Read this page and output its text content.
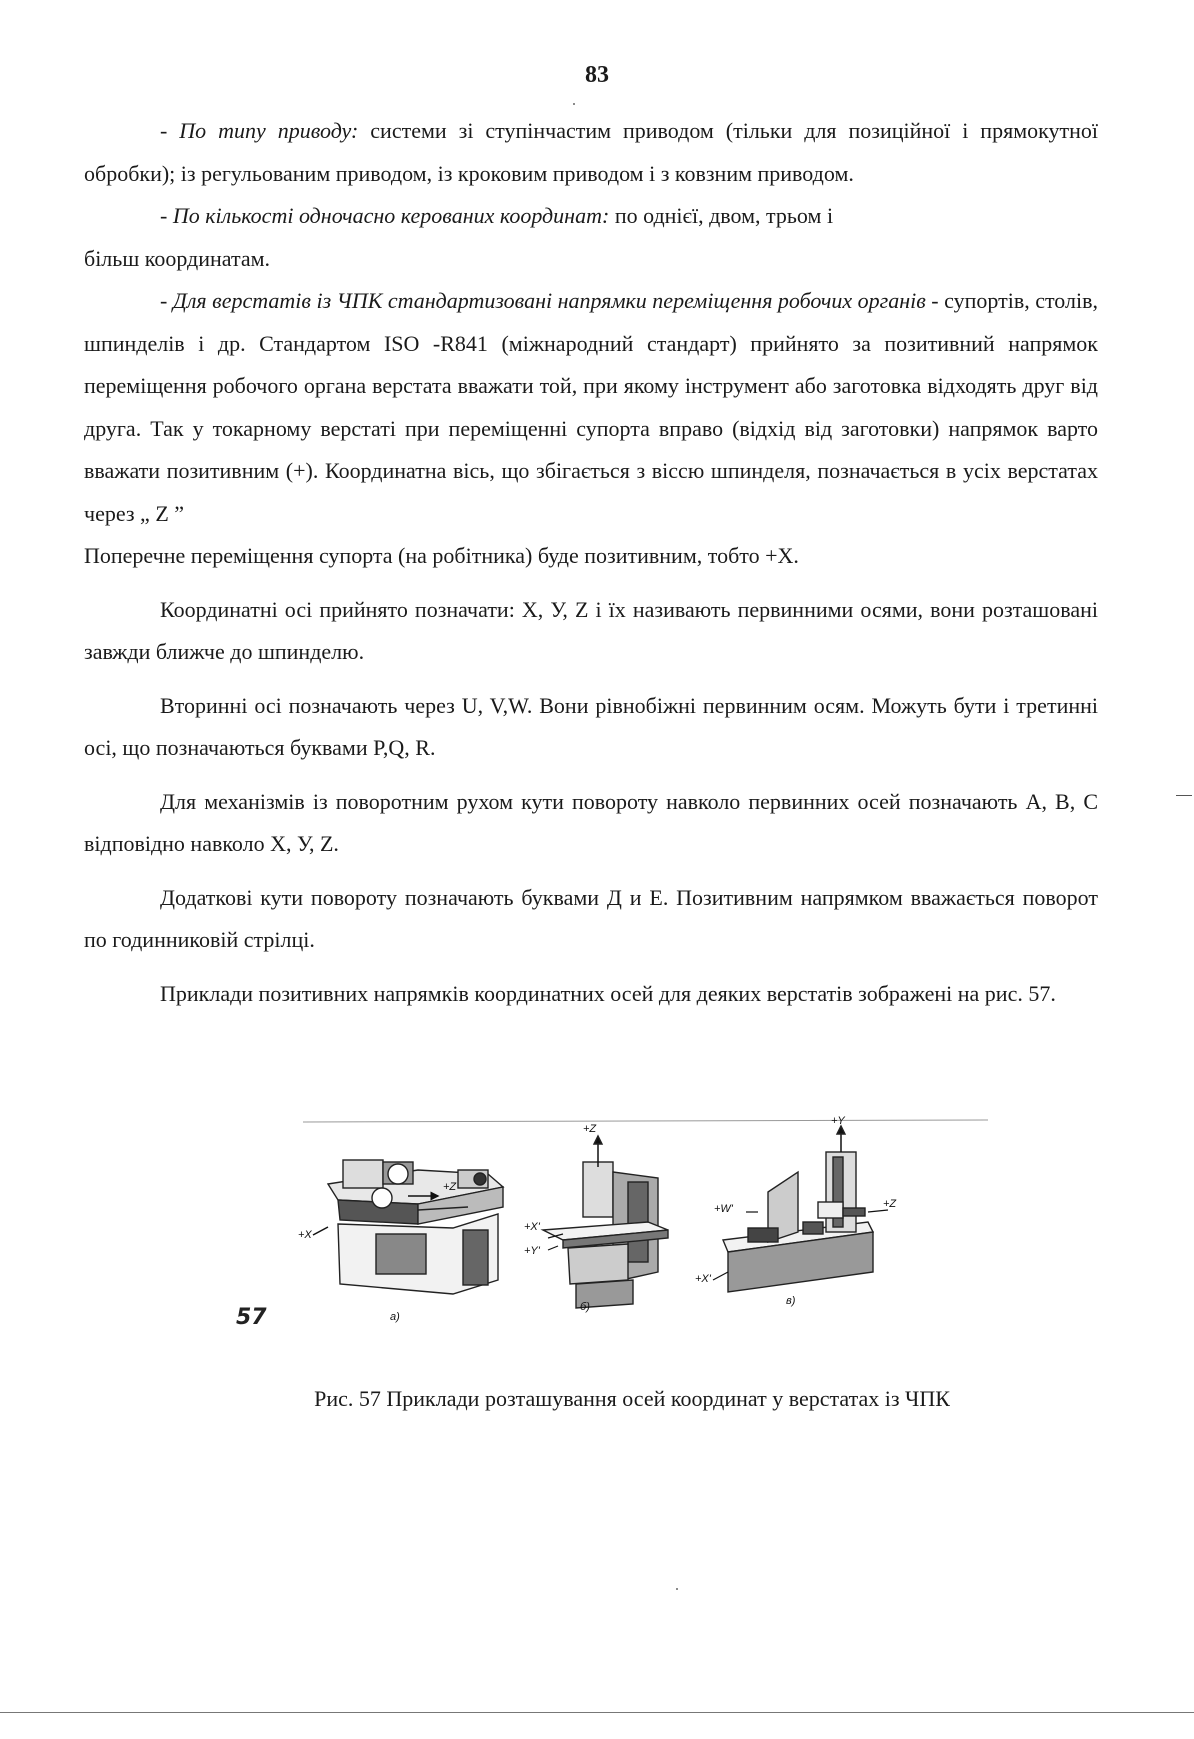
83

- По типу приводу: системи зі ступінчастим приводом (тільки для позиційної і прямокутної обробки); із регульованим приводом, із кроковим приводом і з ковзним приводом.

- По кількості одночасно керованих координат: по однієї, двом, трьом і
більш координатам.

- Для верстатів із ЧПК стандартизовані напрямки переміщення робочих органів - супортів, столів, шпинделів і др. Стандартом ISO -R841 (міжнародний стандарт) прийнято за позитивний напрямок переміщення робочого органа верстата вважати той, при якому інструмент або заготовка відходять друг від друга. Так у токарному верстаті при переміщенні супорта вправо (відхід від заготовки) напрямок варто вважати позитивним (+). Координатна вісь, що збігається з віссю шпинделя, позначається в усіх верстатах через „ Z ”
Поперечне переміщення супорта (на робітника) буде позитивним, тобто +Х.

Координатні осі прийнято позначати: X, У, Z і їх називають первинними осями, вони розташовані завжди ближче до шпинделю.

Вторинні осі позначають через U, V,W. Вони рівнобіжні первинним осям. Можуть бути і третинні осі, що позначаються буквами P,Q, R.

Для механізмів із поворотним рухом кути повороту навколо первинних осей позначають А, В, С відповідно навколо X, У, Z.

Додаткові кути повороту позначають буквами Д и Е. Позитивним напрямком вважається поворот по годинниковій стрілці.

Приклади позитивних напрямків координатних осей для деяких верстатів зображені на рис. 57.

+X
+Z
а)
+Z
+X'
+Y'
б)
+Y
+W'	+Z
+X'
в)
57
Рис. 57 Приклади розташування осей координат у верстатах із ЧПК
